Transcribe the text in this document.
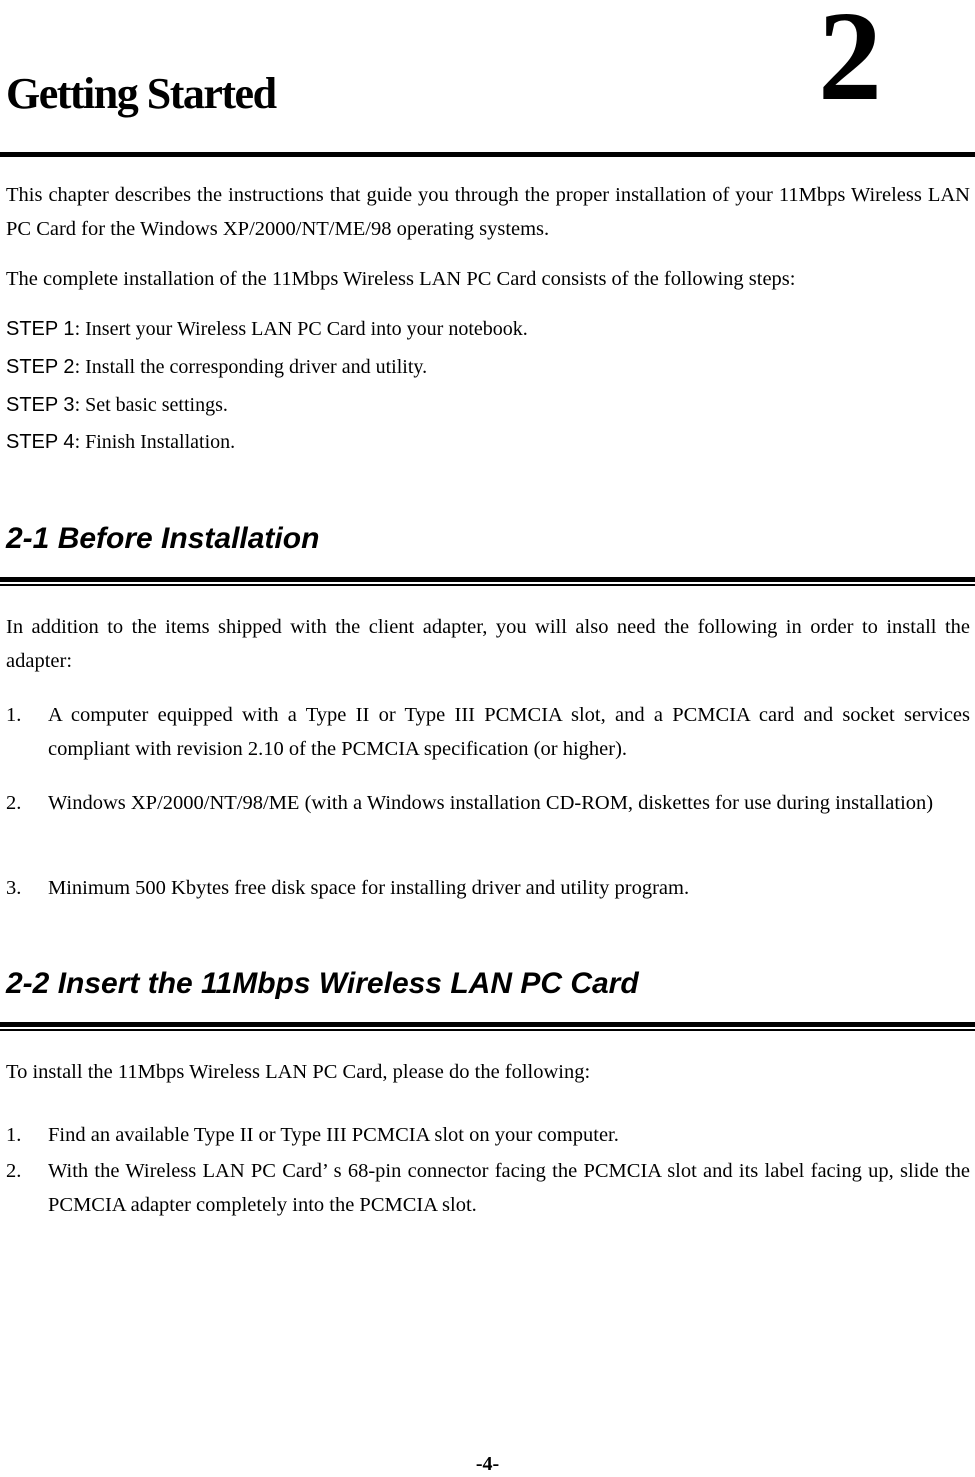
Getting Started	2

This chapter describes the instructions that guide you through the proper installation of your 11Mbps Wireless LAN PC Card for the Windows XP/2000/NT/ME/98 operating systems.

The complete installation of the 11Mbps Wireless LAN PC Card consists of the following steps:

STEP 1: Insert your Wireless LAN PC Card into your notebook.
STEP 2: Install the corresponding driver and utility.
STEP 3: Set basic settings.
STEP 4: Finish Installation.
2-1 Before Installation

In addition to the items shipped with the client adapter, you will also need the following in order to install the adapter:

1. A computer equipped with a Type II or Type III PCMCIA slot, and a PCMCIA card and socket services compliant with revision 2.10 of the PCMCIA specification (or higher).
2. Windows XP/2000/NT/98/ME (with a Windows installation CD-ROM, diskettes for use during installation)
3. Minimum 500 Kbytes free disk space for installing driver and utility program.
2-2 Insert the 11Mbps Wireless LAN PC Card

To install the 11Mbps Wireless LAN PC Card, please do the following:

1. Find an available Type II or Type III PCMCIA slot on your computer.
2. With the Wireless LAN PC Card’ s 68-pin connector facing the PCMCIA slot and its label facing up, slide the PCMCIA adapter completely into the PCMCIA slot.
-4-
